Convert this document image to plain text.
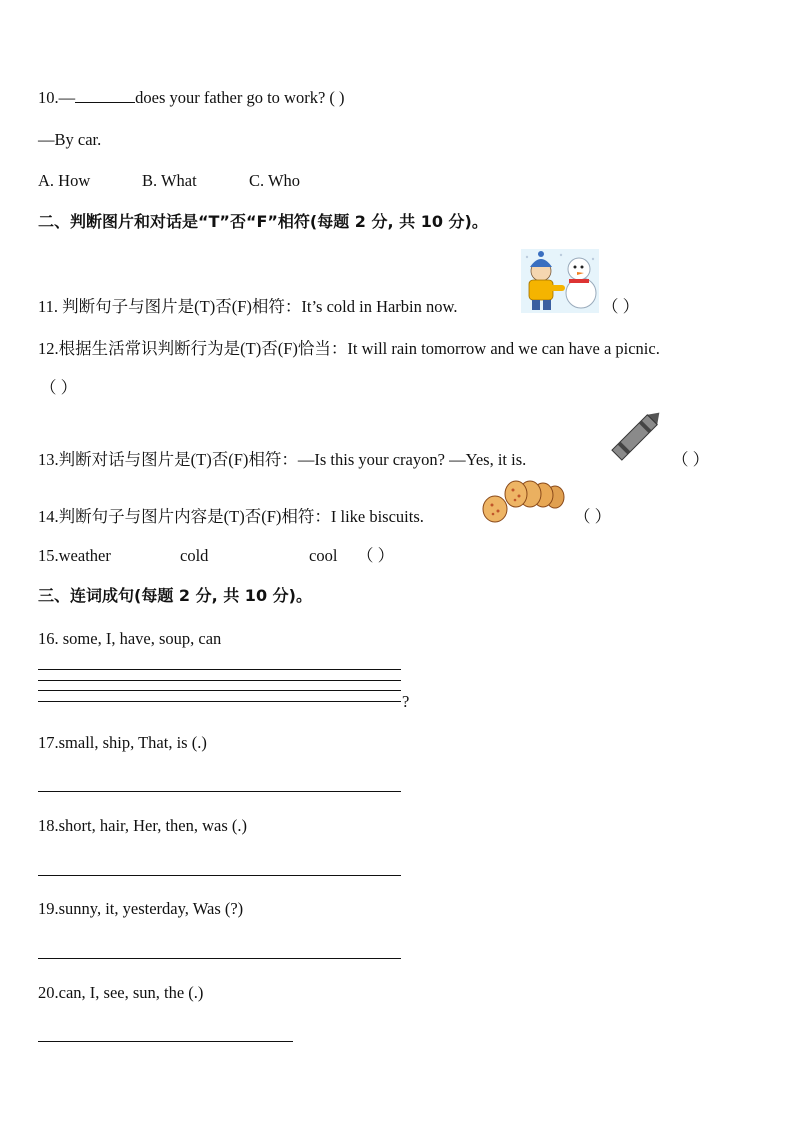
10.—	does your father go to work? ( )
—By car.
A. How	B. What	C. Who
二、判断图片和对话是“T”否“F”相符(每题 2 分, 共 10 分)。
11. 判断句子与图片是(T)否(F)相符：It’s cold in Harbin now.	（ ）
12.根据生活常识判断行为是(T)否(F)恰当：It will rain tomorrow and we can have a picnic.
（ ）
13.判断对话与图片是(T)否(F)相符：—Is this your crayon? —Yes, it is.	（ ）
14.判断句子与图片内容是(T)否(F)相符：I like biscuits.	（ ）
15.weather	cold	cool （ ）
三、连词成句(每题 2 分, 共 10 分)。
16. some, I, have, soup, can
?
17.small, ship, That, is (.)
18.short, hair, Her, then, was (.)
19.sunny, it, yesterday, Was (?)
20.can, I, see, sun, the (.)
